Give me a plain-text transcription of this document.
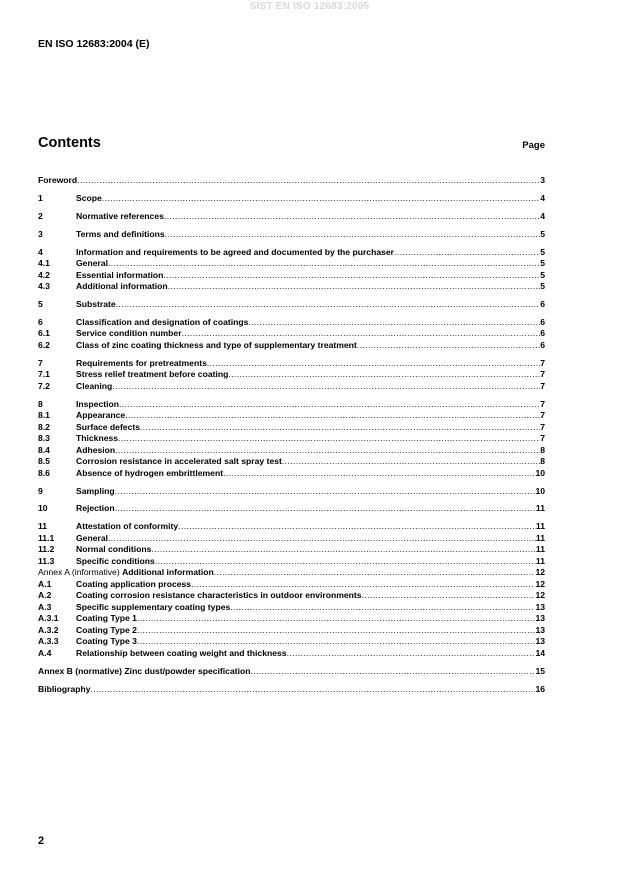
SIST EN ISO 12683:2005
EN ISO 12683:2004 (E)
Contents	Page
Foreword .....	3
1	Scope .....	4
2	Normative references .....	4
3	Terms and definitions .....	5
4	Information and requirements to be agreed and documented by the purchaser .....	5
4.1	General .....	5
4.2	Essential information .....	5
4.3	Additional information .....	5
5	Substrate .....	6
6	Classification and designation of coatings .....	6
6.1	Service condition number .....	6
6.2	Class of zinc coating thickness and type of supplementary treatment .....	6
7	Requirements for pretreatments .....	7
7.1	Stress relief treatment before coating .....	7
7.2	Cleaning .....	7
8	Inspection .....	7
8.1	Appearance .....	7
8.2	Surface defects .....	7
8.3	Thickness .....	7
8.4	Adhesion .....	8
8.5	Corrosion resistance in accelerated salt spray test .....	8
8.6	Absence of hydrogen embrittlement .....	10
9	Sampling .....	10
10	Rejection .....	11
11	Attestation of conformity .....	11
11.1	General .....	11
11.2	Normal conditions .....	11
11.3	Specific conditions .....	11
Annex A (informative) Additional information .....	12
A.1	Coating application process .....	12
A.2	Coating corrosion resistance characteristics in outdoor environments .....	12
A.3	Specific supplementary coating types .....	13
A.3.1	Coating Type 1 .....	13
A.3.2	Coating Type 2 .....	13
A.3.3	Coating Type 3 .....	13
A.4	Relationship between coating weight and thickness .....	14
Annex B (normative) Zinc dust/powder specification .....	15
Bibliography .....	16
2
